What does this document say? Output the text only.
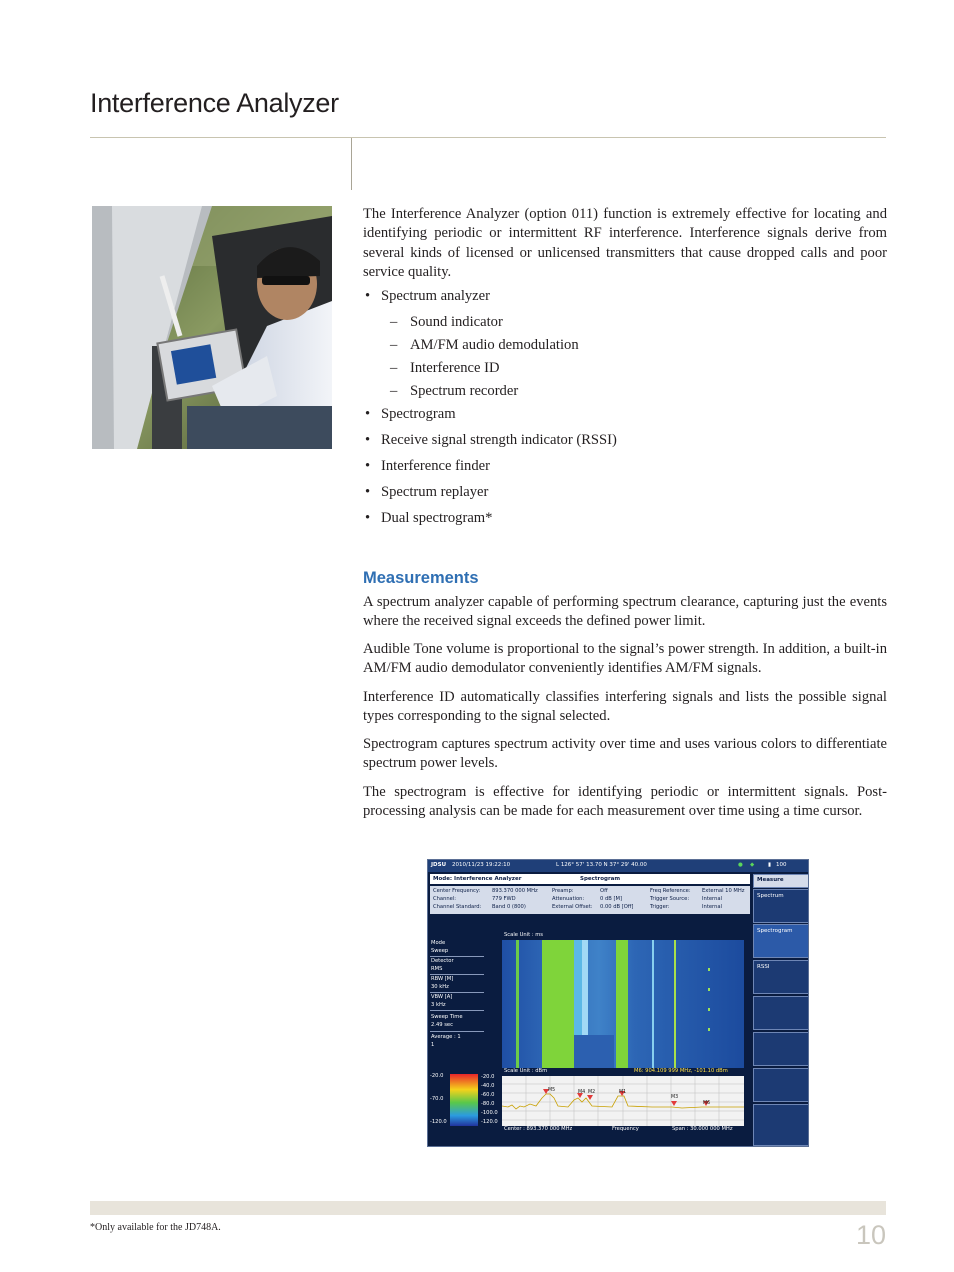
Interference Analyzer
The Interference Analyzer (option 011) function is extremely effective for locating and identifying periodic or intermittent RF interference. Interference signals derive from several kinds of licensed or unlicensed transmitters that cause dropped calls and poor service quality.
• Spectrum analyzer
– Sound indicator
– AM/FM audio demodulation
– Interference ID
– Spectrum recorder
• Spectrogram
• Receive signal strength indicator (RSSI)
• Interference finder
• Spectrum replayer
• Dual spectrogram*
Measurements
A spectrum analyzer capable of performing spectrum clearance, capturing just the events where the received signal exceeds the defined power limit.
Audible Tone volume is proportional to the signal’s power strength. In addition, a built-in AM/FM audio demodulator conveniently identifies AM/FM signals.
Interference ID automatically classifies interfering signals and lists the possible signal types corresponding to the signal selected.
Spectrogram captures spectrum activity over time and uses various colors to differentiate spectrum power levels.
The spectrogram is effective for identifying periodic or intermittent signals. Post-processing analysis can be made for each measurement over time using a time cursor.
JDSU 2010/11/23 19:22:10	L 126° 57' 13.70 N 37° 29' 40.00	● ◆	▮ 100
Mode: Interference Analyzer	Spectrogram
Center Frequency: 893.370 000 MHz	Preamp:	Off	Freq Reference: External 10 MHz
Channel:	779 FWD	Attenuation:	0 dB [M]	Trigger Source: Internal
Channel Standard: Band 0 (800)	External Offset: 0.00 dB [Off]	Trigger:	Internal
Measure
Spectrum
Spectrogram
RSSI
Mode
Sweep
Detector
RMS
RBW [M]
30 kHz
VBW [A]
3 kHz
Sweep Time
2.49 sec
Average : 1
1
Scale Unit : ms
Scale Unit : dBm	M6: 904.109 999 MHz, -101.10 dBm
-20.0
-70.0
-120.0
-20.0
-40.0
-60.0
-80.0
-100.0
-120.0
M5	M4 M2	M1
M3
M6
Center : 893.370 000 MHz	Frequency	Span : 30.000 000 MHz
*Only available for the JD748A.	10
